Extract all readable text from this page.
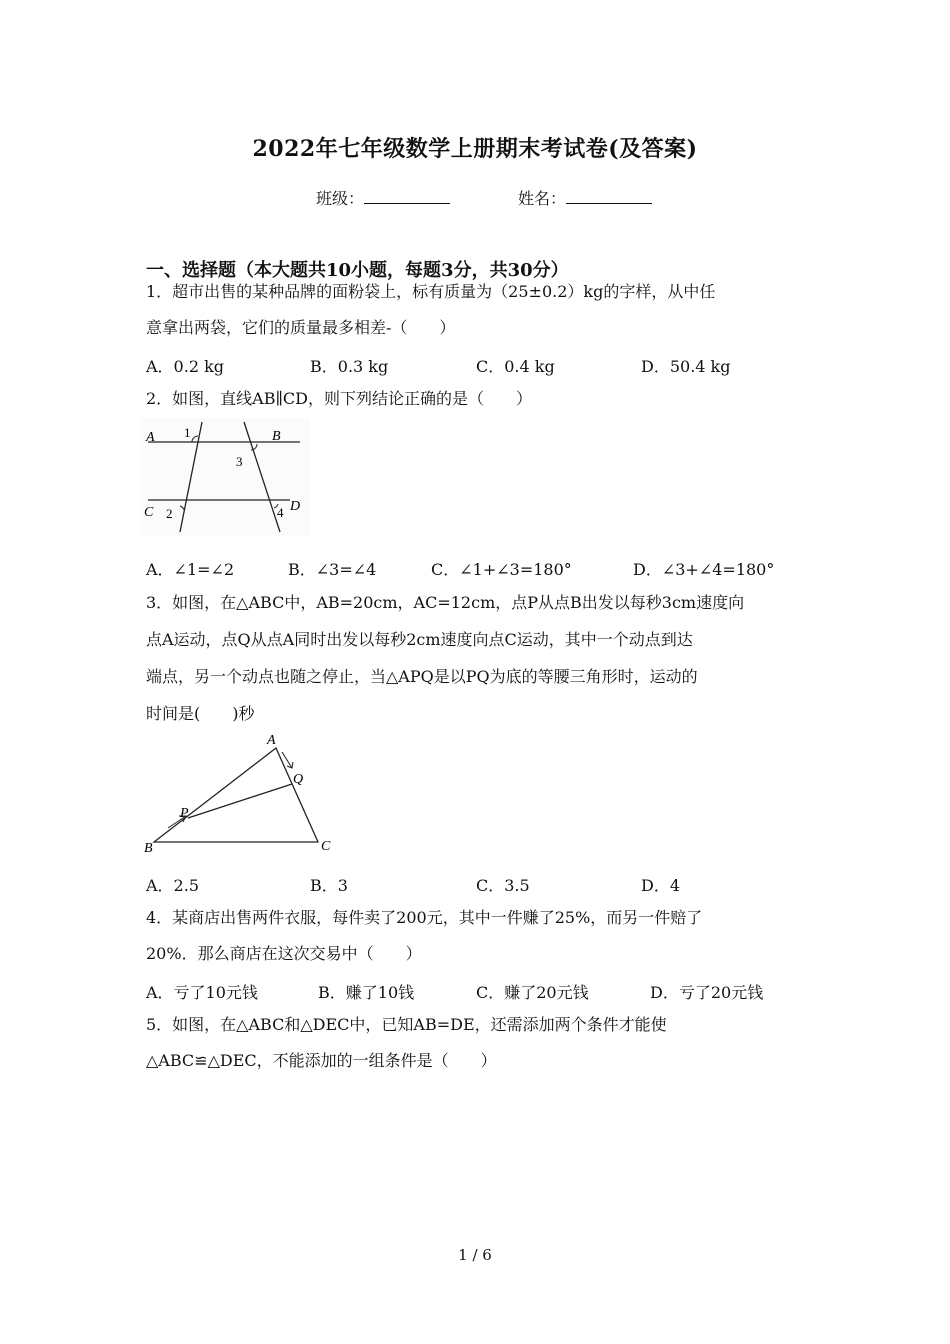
2022年七年级数学上册期末考试卷(及答案)
班级：	姓名：
一、选择题（本大题共10小题，每题3分，共30分）
1．超市出售的某种品牌的面粉袋上，标有质量为（25±0.2）kg的字样，从中任
意拿出两袋，它们的质量最多相差-（　　）
A．0.2 kg	B．0.3 kg	C．0.4 kg	D．50.4 kg
2．如图，直线AB∥CD，则下列结论正确的是（　　）
A	B
C	D
1
2
3
4
A．∠1=∠2	B．∠3=∠4	C．∠1+∠3=180°	D．∠3+∠4=180°
3．如图，在△ABC中，AB=20cm，AC=12cm，点P从点B出发以每秒3cm速度向
点A运动，点Q从点A同时出发以每秒2cm速度向点C运动，其中一个动点到达
端点，另一个动点也随之停止，当△APQ是以PQ为底的等腰三角形时，运动的
时间是(　　)秒
A
B	C
P
Q
A．2.5	B．3	C．3.5	D．4
4．某商店出售两件衣服，每件卖了200元，其中一件赚了25%，而另一件赔了
20%．那么商店在这次交易中（　　）
A．亏了10元钱	B．赚了10钱	C．赚了20元钱	D．亏了20元钱
5．如图，在△ABC和△DEC中，已知AB=DE，还需添加两个条件才能使
△ABC≌△DEC，不能添加的一组条件是（　　）
1 / 6
